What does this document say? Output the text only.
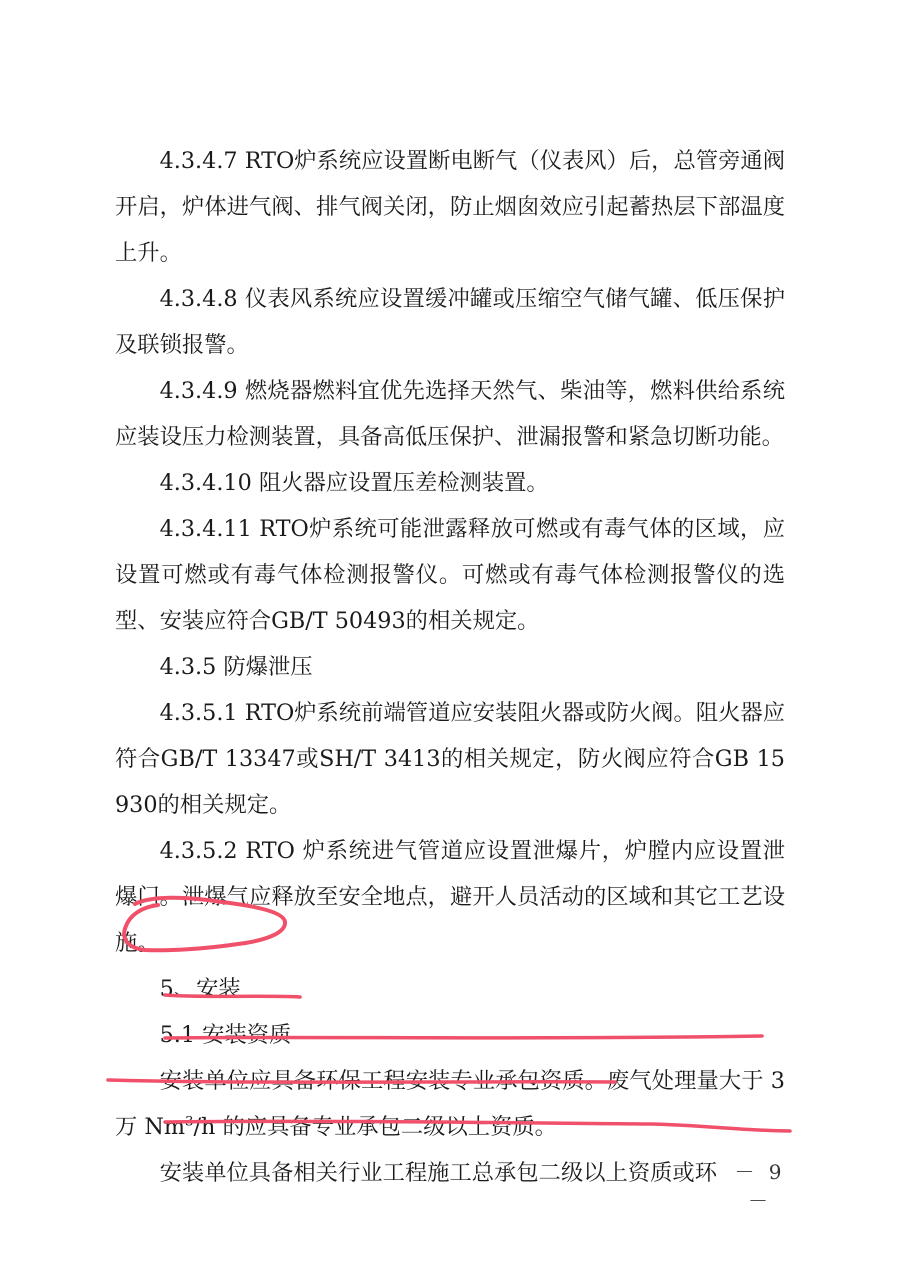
4.3.4.7 RTO炉系统应设置断电断气（仪表风）后，总管旁通阀开启，炉体进气阀、排气阀关闭，防止烟囱效应引起蓄热层下部温度上升。

4.3.4.8 仪表风系统应设置缓冲罐或压缩空气储气罐、低压保护及联锁报警。

4.3.4.9 燃烧器燃料宜优先选择天然气、柴油等，燃料供给系统应装设压力检测装置，具备高低压保护、泄漏报警和紧急切断功能。

4.3.4.10 阻火器应设置压差检测装置。

4.3.4.11 RTO炉系统可能泄露释放可燃或有毒气体的区域，应设置可燃或有毒气体检测报警仪。可燃或有毒气体检测报警仪的选型、安装应符合GB/T 50493的相关规定。

4.3.5 防爆泄压

4.3.5.1 RTO炉系统前端管道应安装阻火器或防火阀。阻火器应符合GB/T 13347或SH/T 3413的相关规定，防火阀应符合GB 15930的相关规定。

4.3.5.2 RTO 炉系统进气管道应设置泄爆片，炉膛内应设置泄爆门。泄爆气应释放至安全地点，避开人员活动的区域和其它工艺设施。

5、安装

5.1 安装资质

安装单位应具备环保工程安装专业承包资质。废气处理量大于 3 万 Nm$^3$/h 的应具备专业承包二级以上资质。

安装单位具备相关行业工程施工总承包二级以上资质或环 － 9 －
